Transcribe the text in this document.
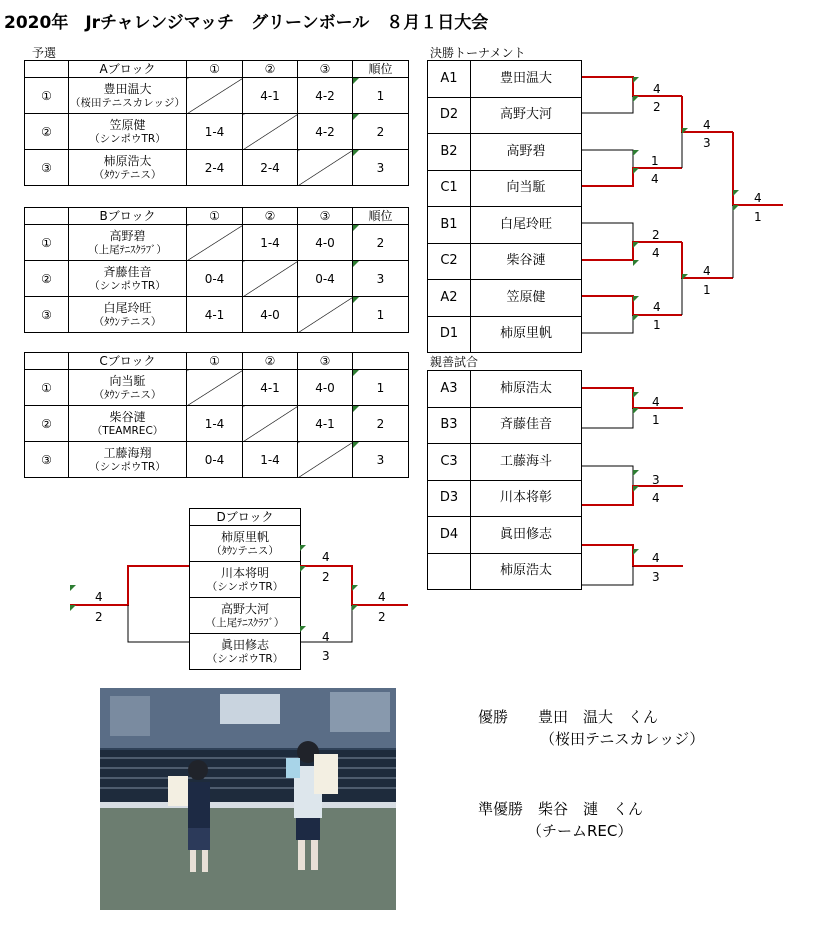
2020年　Jrチャレンジマッチ　グリーンボール　８月１日大会
予選
	Aブロック	①	②	③	順位
①	豊田温大
（桜田テニスカレッジ）		4-1	4-2	1
②	笠原健
（シンポウTR）	1-4		4-2	2
③	柿原浩太
（ﾀｳﾝテニス）	2-4	2-4		3
	Bブロック	①	②	③	順位
①	高野碧
（上尾ﾃﾆｽｸﾗﾌﾞ）		1-4	4-0	2
②	斉藤佳音
（シンポウTR）	0-4		0-4	3
③	白尾玲旺
（ﾀｳﾝテニス）	4-1	4-0		1
	Cブロック	①	②	③	
①	向当駈
（ﾀｳﾝテニス）		4-1	4-0	1
②	柴谷漣
（TEAMREC）	1-4		4-1	2
③	工藤海翔
（シンポウTR）	0-4	1-4		3
Dブロック

柿原里帆
（ﾀｳﾝテニス）

川本将明
（シンポウTR）

高野大河
（上尾ﾃﾆｽｸﾗﾌﾞ）

眞田修志
（シンポウTR）
決勝トーナメント
A1	豊田温大
D2	高野大河
B2	高野碧
C1	向当駈
B1	白尾玲旺
C2	柴谷漣
A2	笠原健
D1	柿原里帆
親善試合
A3	柿原浩太
B3	斉藤佳音
C3	工藤海斗
D3	川本将彰
D4	眞田修志
	柿原浩太
4
2
1
4
2
4
4
1
4
3
4
1
4
1
4
1
3
4
4
3
4
2
4
3
4
2
4
2
優勝　　豊田　温大　くん
（桜田テニスカレッジ）
準優勝　柴谷　漣　くん
（チームREC）
